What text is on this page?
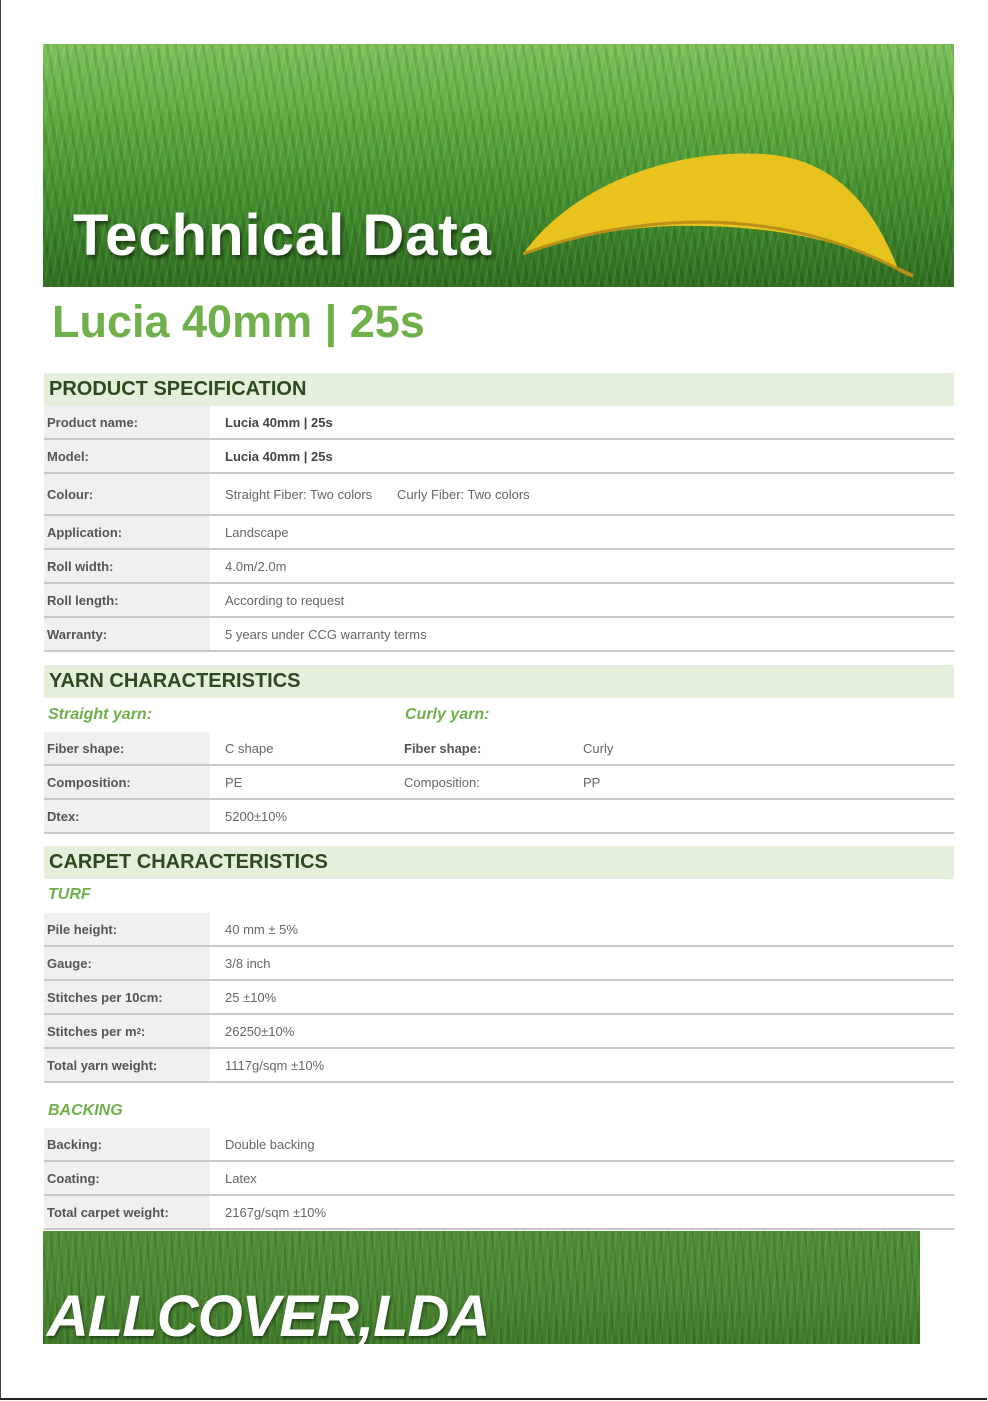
Technical Data
Lucia 40mm | 25s
PRODUCT SPECIFICATION
Product name:	Lucia 40mm | 25s
Model:	Lucia 40mm | 25s
Colour:	Straight Fiber: Two colors Curly Fiber: Two colors
Application:	Landscape
Roll width:	4.0m/2.0m
Roll length:	According to request
Warranty:	5 years under CCG warranty terms
YARN CHARACTERISTICS
Straight yarn:	Curly yarn:
Fiber shape:	C shape	Fiber shape:	Curly
Composition:	PE	Composition:	PP
Dtex:	5200±10%
CARPET CHARACTERISTICS
TURF
Pile height:	40 mm ± 5%
Gauge:	3/8 inch
Stitches per 10cm:	25 ±10%
Stitches per m 2 :	26250±10%
Total yarn weight:	1117g/sqm ±10%
BACKING
Backing:	Double backing
Coating:	Latex
Total carpet weight:	2167g/sqm ±10%
ALLCOVER,LDA
